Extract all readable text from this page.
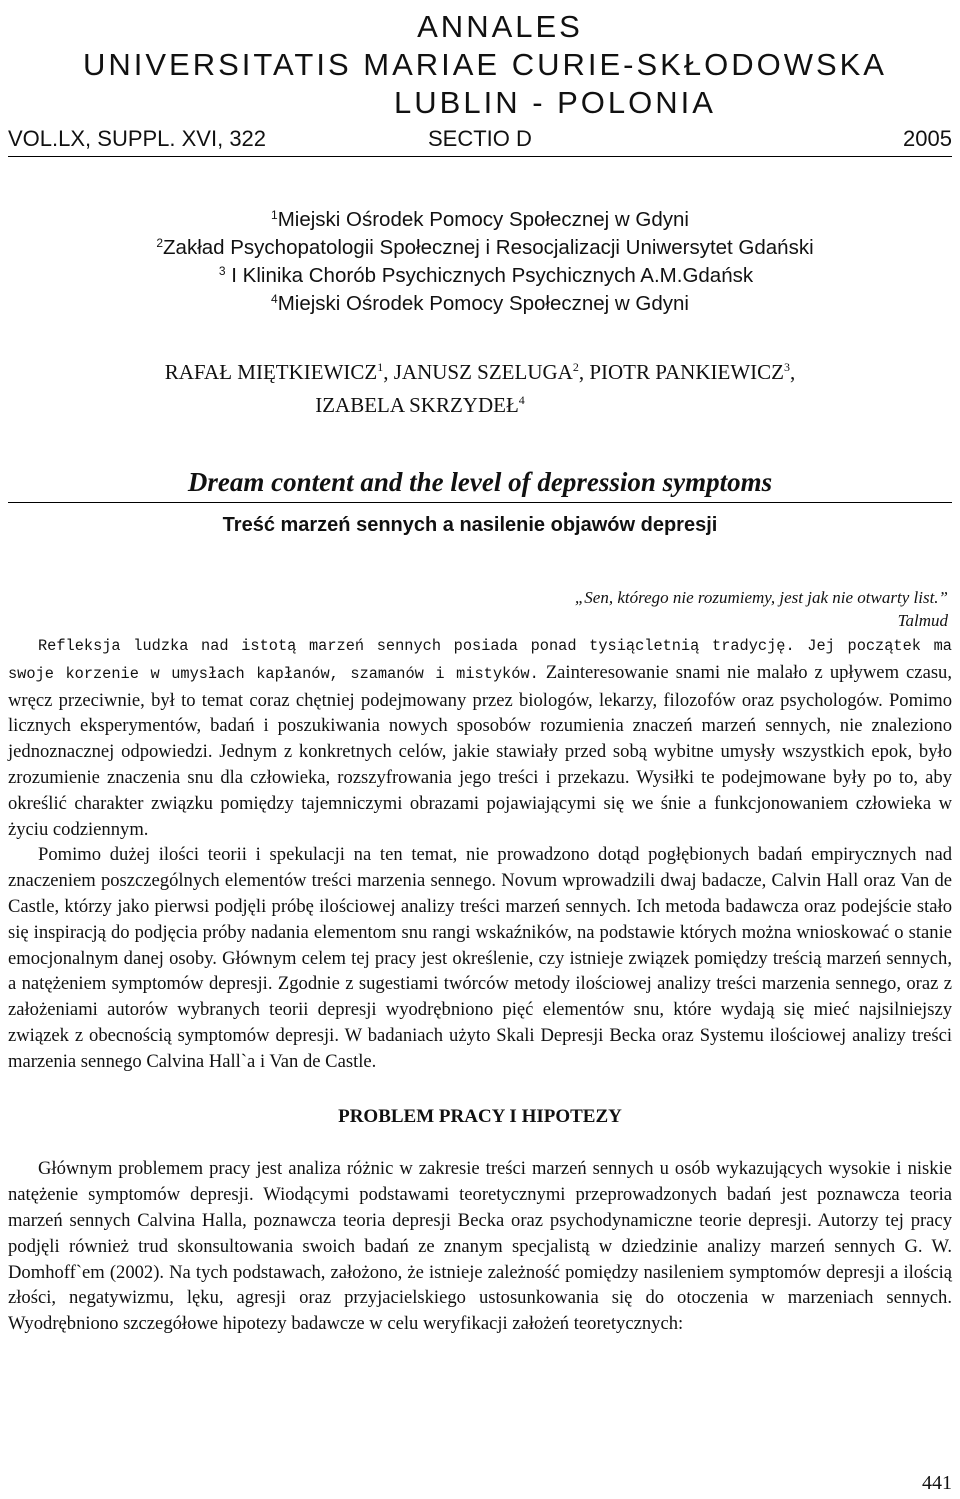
ANNALES
UNIVERSITATIS MARIAE CURIE-SKŁODOWSKA
LUBLIN - POLONIA
VOL.LX, SUPPL. XVI, 322	SECTIO D	2005
$^1$Miejski Ośrodek Pomocy Społecznej w Gdyni
$^2$Zakład Psychopatologii Społecznej i Resocjalizacji Uniwersytet Gdański
$^3$ I Klinika Chorób Psychicznych Psychicznych A.M.Gdańsk
$^4$Miejski Ośrodek Pomocy Społecznej w Gdyni
RAFAŁ MIĘTKIEWICZ$^1$, JANUSZ SZELUGA$^2$, PIOTR PANKIEWICZ$^3$,
IZABELA SKRZYDEŁ$^4$
Dream content and the level of depression symptoms
Treść marzeń sennych a nasilenie objawów depresji
„Sen, którego nie rozumiemy, jest jak nie otwarty list.”
Talmud

Refleksja ludzka nad istotą marzeń sennych posiada ponad tysiącletnią tradycję. Jej początek ma swoje korzenie w umysłach kapłanów, szamanów i mistyków. Zainteresowanie snami nie malało z upływem czasu, wręcz przeciwnie, był to temat coraz chętniej podejmowany przez biologów, lekarzy, filozofów oraz psychologów. Pomimo licznych eksperymentów, badań i poszukiwania nowych sposobów rozumienia znaczeń marzeń sennych, nie znaleziono jednoznacznej odpowiedzi. Jednym z konkretnych celów, jakie stawiały przed sobą wybitne umysły wszystkich epok, było zrozumienie znaczenia snu dla człowieka, rozszyfrowania jego treści i przekazu. Wysiłki te podejmowane były po to, aby określić charakter związku pomiędzy tajemniczymi obrazami pojawiającymi się we śnie a funkcjonowaniem człowieka w życiu codziennym.

Pomimo dużej ilości teorii i spekulacji na ten temat, nie prowadzono dotąd pogłębionych badań empirycznych nad znaczeniem poszczególnych elementów treści marzenia sennego. Novum wprowadzili dwaj badacze, Calvin Hall oraz Van de Castle, którzy jako pierwsi podjęli próbę ilościowej analizy treści marzeń sennych. Ich metoda badawcza oraz podejście stało się inspiracją do podjęcia próby nadania elementom snu rangi wskaźników, na podstawie których można wnioskować o stanie emocjonalnym danej osoby. Głównym celem tej pracy jest określenie, czy istnieje związek pomiędzy treścią marzeń sennych, a natężeniem symptomów depresji. Zgodnie z sugestiami twórców metody ilościowej analizy treści marzenia sennego, oraz z założeniami autorów wybranych teorii depresji wyodrębniono pięć elementów snu, które wydają się mieć najsilniejszy związek z obecnością symptomów depresji. W badaniach użyto Skali Depresji Becka oraz Systemu ilościowej analizy treści marzenia sennego Calvina Hall`a i Van de Castle.

PROBLEM PRACY I HIPOTEZY

Głównym problemem pracy jest analiza różnic w zakresie treści marzeń sennych u osób wykazujących wysokie i niskie natężenie symptomów depresji. Wiodącymi podstawami teoretycznymi przeprowadzonych badań jest poznawcza teoria marzeń sennych Calvina Halla, poznawcza teoria depresji Becka oraz psychodynamiczne teorie depresji. Autorzy tej pracy podjęli również trud skonsultowania swoich badań ze znanym specjalistą w dziedzinie analizy marzeń sennych G. W. Domhoff`em (2002). Na tych podstawach, założono, że istnieje zależność pomiędzy nasileniem symptomów depresji a ilością złości, negatywizmu, lęku, agresji oraz przyjacielskiego ustosunkowania się do otoczenia w marzeniach sennych. Wyodrębniono szczegółowe hipotezy badawcze w celu weryfikacji założeń teoretycznych:

441
